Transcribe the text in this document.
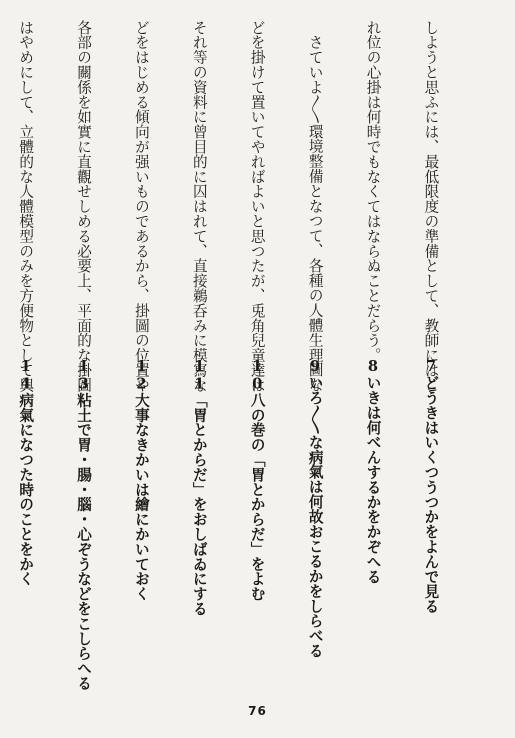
しようと思ふには、最低限度の準備として、教師にはこ

れ位の心掛は何時でもなくてはならぬことだらう。

　さていよ〳〵環境整備となつて、各種の人體生理圖な

どを掛けて置いてやればよいと思つたが、兎角兒童達は

それ等の資料に曾目的に囚はれて、直接鵜呑みに模寫な

どをはじめる傾向が强いものであるから、掛圖の位置や

各部の關係を如實に直觀せしめる必要上、平面的な掛圖

はやめにして、立體的な人體模型のみを方便物として與

7どうきはいくつうつかをよんで見る

8いきは何べんするかをかぞへる

9いろ〳〵な病氣は何故おこるかをしらべる

10八の巻の「胃とからだ」をよむ

11「胃とからだ」をおしばゐにする

12大事なきかいは繪にかいておく

13粘土で胃・腸・腦・心ぞうなどをこしらへる

14病氣になつた時のことをかく

76
